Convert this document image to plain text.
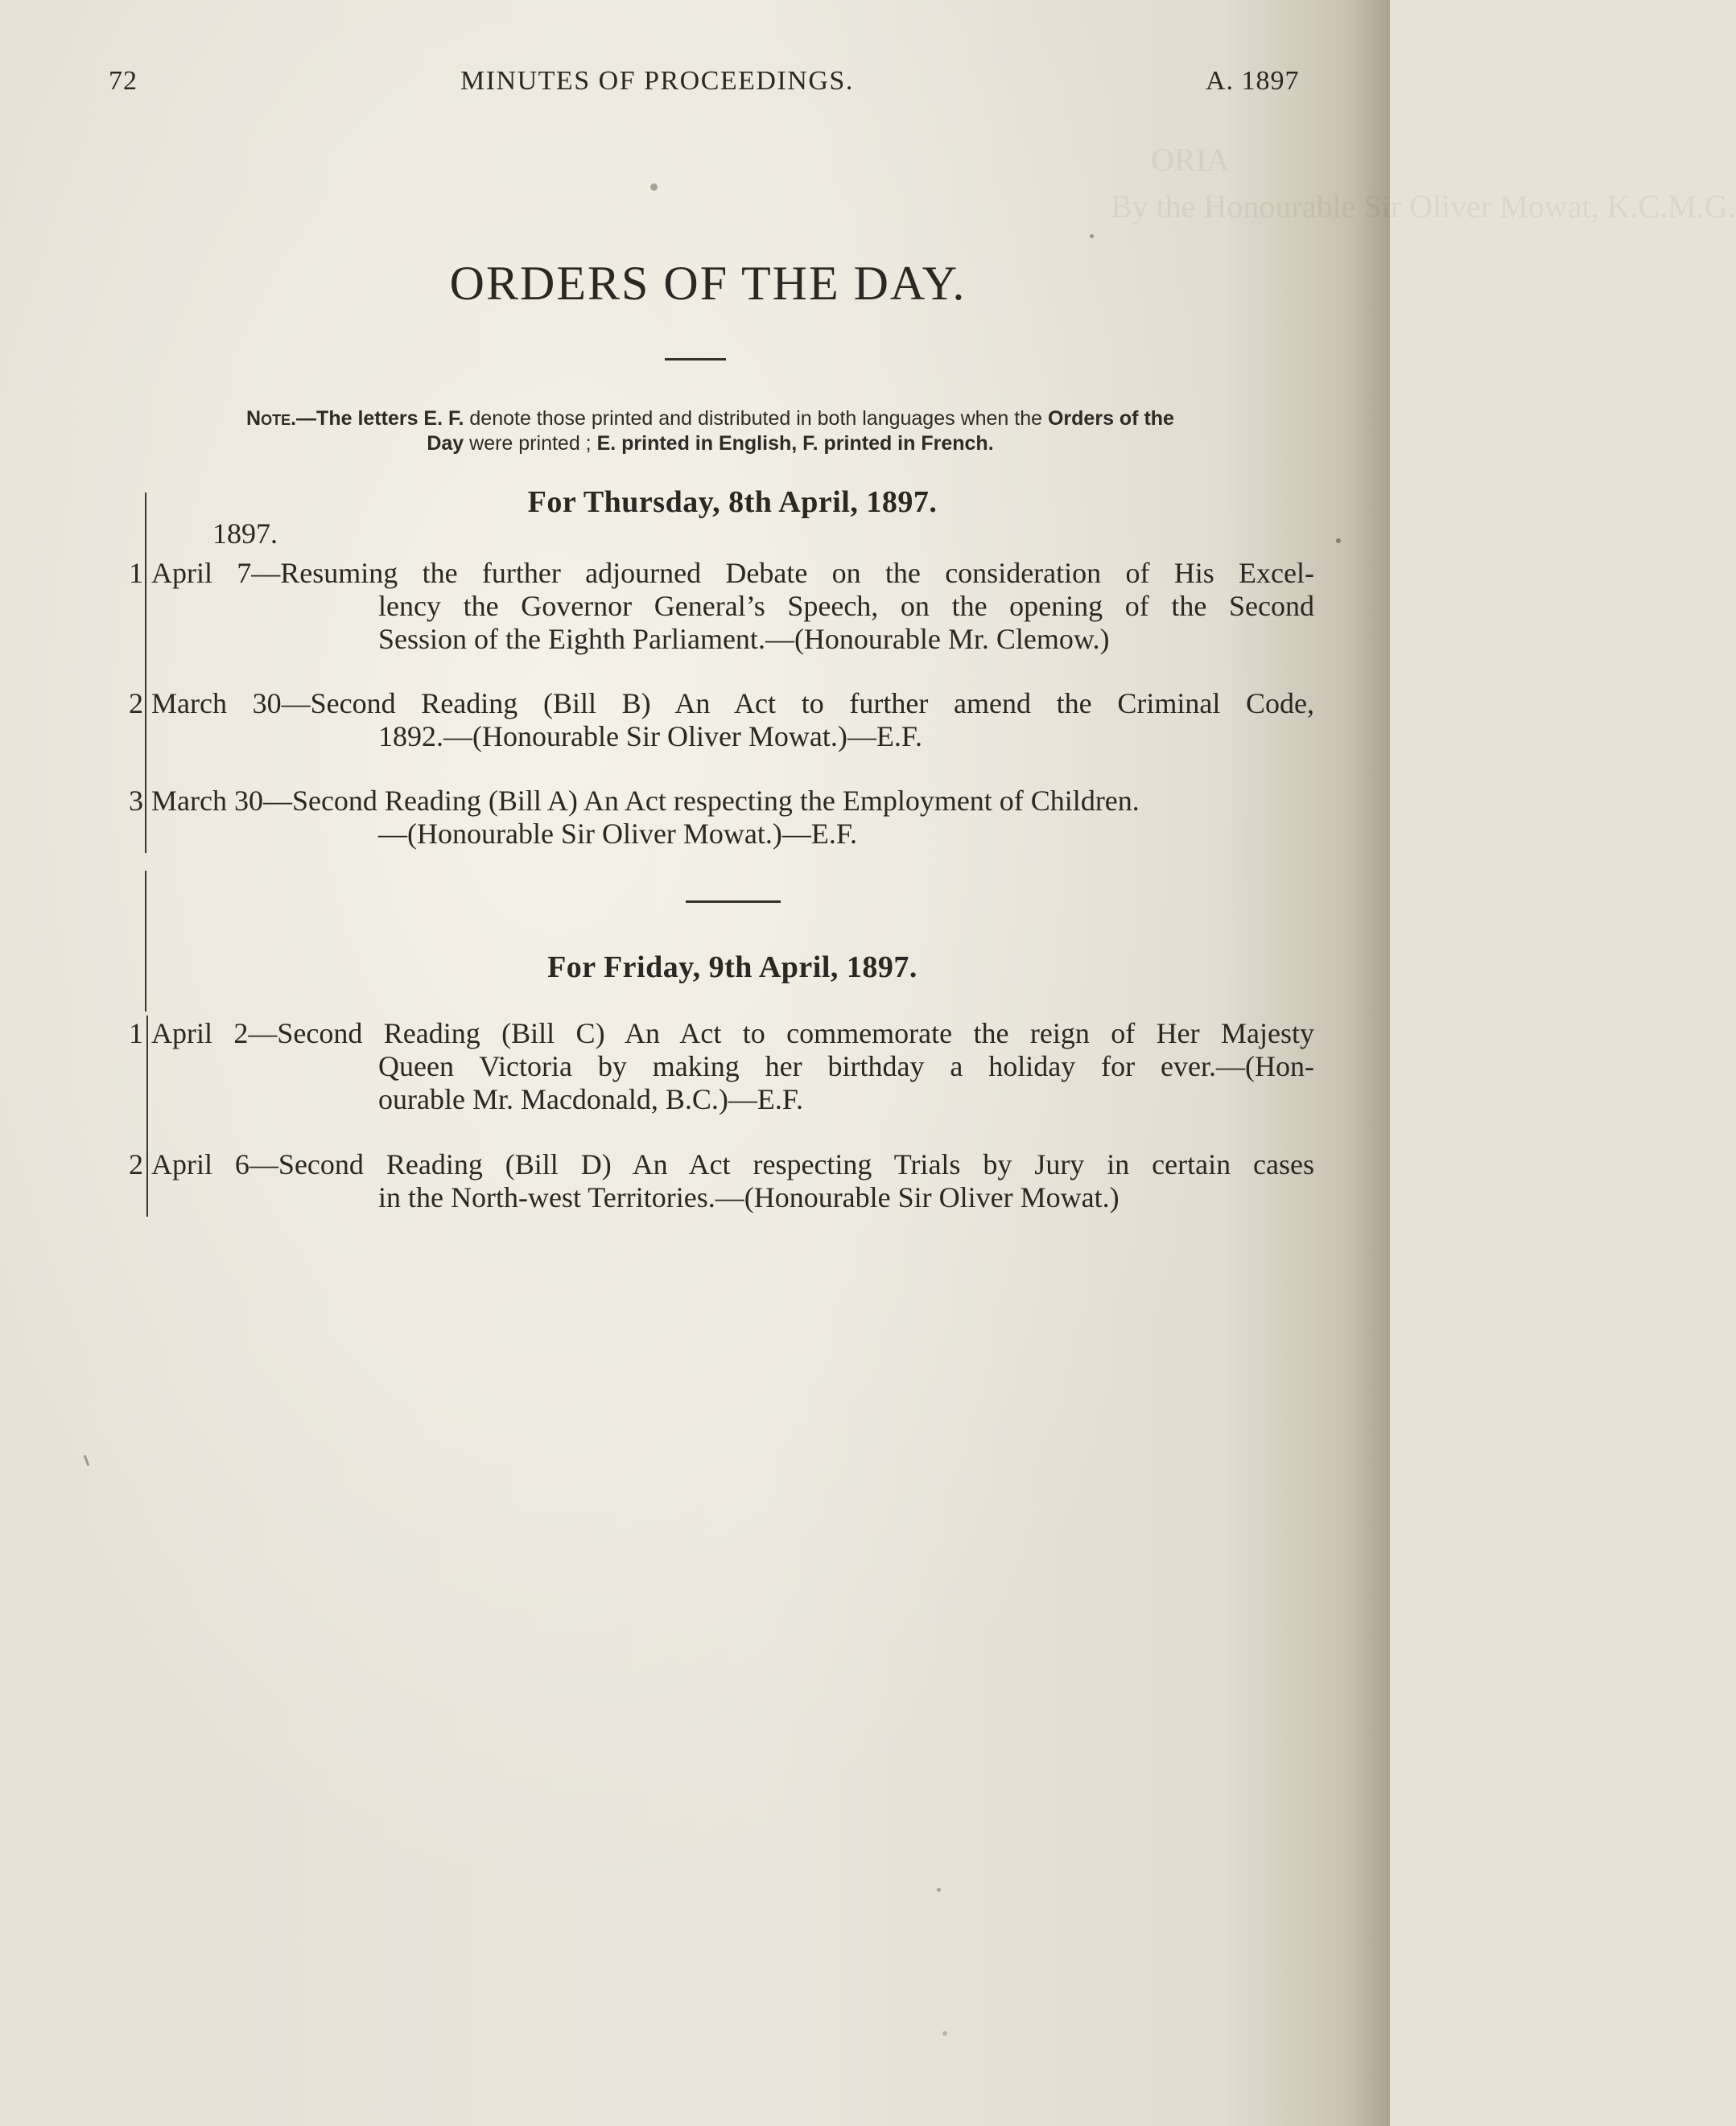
ORIA
By the Honourable Sir Oliver Mowat, K.C.M.G.
72	MINUTES OF PROCEEDINGS.	A. 1897
ORDERS OF THE DAY.
Note.—The letters E. F. denote those printed and distributed in both languages when the Orders of the
Day were printed ; E. printed in English, F. printed in French.
For Thursday, 8th April, 1897.
1897.
1 April 7—Resuming the further adjourned Debate on the consideration of His Excel-
lency the Governor General’s Speech, on the opening of the Second
Session of the Eighth Parliament.—(Honourable Mr. Clemow.)
2 March 30—Second Reading (Bill B) An Act to further amend the Criminal Code,
1892.—(Honourable Sir Oliver Mowat.)—E.F.
3 March 30—Second Reading (Bill A) An Act respecting the Employment of Children.
—(Honourable Sir Oliver Mowat.)—E.F.
For Friday, 9th April, 1897.
1 April 2—Second Reading (Bill C) An Act to commemorate the reign of Her Majesty
Queen Victoria by making her birthday a holiday for ever.—(Hon-
ourable Mr. Macdonald, B.C.)—E.F.
2 April 6—Second Reading (Bill D) An Act respecting Trials by Jury in certain cases
in the North-west Territories.—(Honourable Sir Oliver Mowat.)
